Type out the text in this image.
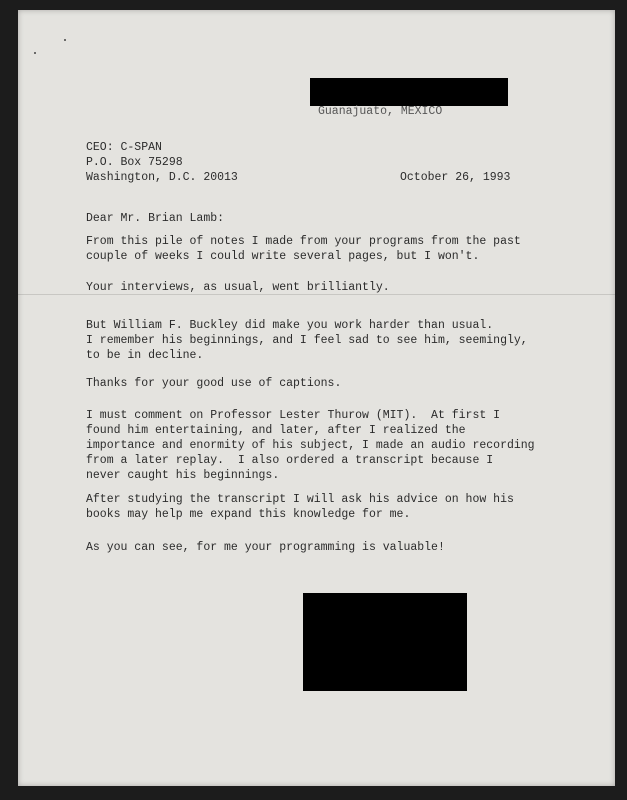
Guanajuato, MEXICO

CEO: C-SPAN

P.O. Box 75298

Washington, D.C. 20013	October 26, 1993

Dear Mr. Brian Lamb:

From this pile of notes I made from your programs from the past
couple of weeks I could write several pages, but I won't.

Your interviews, as usual, went brilliantly.

But William F. Buckley did make you work harder than usual.
I remember his beginnings, and I feel sad to see him, seemingly,
to be in decline.

Thanks for your good use of captions.

I must comment on Professor Lester Thurow (MIT).  At first I
found him entertaining, and later, after I realized the
importance and enormity of his subject, I made an audio recording
from a later replay.  I also ordered a transcript because I
never caught his beginnings.

After studying the transcript I will ask his advice on how his
books may help me expand this knowledge for me.

As you can see, for me your programming is valuable!
